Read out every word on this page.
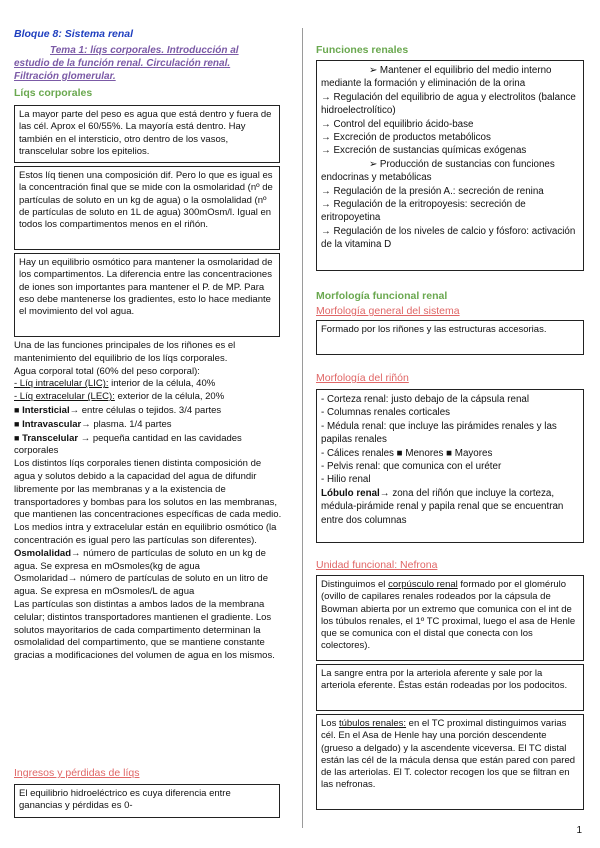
Bloque 8: Sistema renal
Tema 1: líqs corporales. Introducción al estudio de la función renal. Circulación renal. Filtración glomerular.
Líqs corporales
La mayor parte del peso es agua que está dentro y fuera de las cél. Aprox el 60/55%. La mayoría está dentro. Hay también en el intersticio, otro dentro de los vasos, transcelular sobre los epitelios.
Estos líq tienen una composición dif. Pero lo que es igual es la concentración final que se mide con la osmolaridad (nº de partículas de soluto en un kg de agua) o la osmolalidad (nº de partículas de soluto en 1L de agua) 300mOsm/l. Igual en todos los compartimentos menos en el riñón.
Hay un equilibrio osmótico para mantener la osmolaridad de los compartimentos. La diferencia entre las concentraciones de iones son importantes para mantener el P. de MP. Para eso debe mantenerse los gradientes, esto lo hace mediante el movimiento del vol agua.
Una de las funciones principales de los riñones es el mantenimiento del equilibrio de los líqs corporales.
Agua corporal total (60% del peso corporal):
- Líq intracelular (LIC): interior de la célula, 40%
- Líq extracelular (LEC): exterior de la célula, 20%
■ Intersticial→ entre células o tejidos. 3/4 partes
■ Intravascular→ plasma. 1/4 partes
■ Transcelular → pequeña cantidad en las cavidades corporales
Los distintos líqs corporales tienen distinta composición de agua y solutos debido a la capacidad del agua de difundir libremente por las membranas y a la existencia de transportadores y bombas para los solutos en las membranas, que mantienen las concentraciones específicas de cada medio. Los medios intra y extracelular están en equilibrio osmótico (la concentración es igual pero las partículas son diferentes).
Osmolalidad→ número de partículas de soluto en un kg de agua. Se expresa en mOsmoles(kg de agua
Osmolaridad→ número de partículas de soluto en un litro de agua. Se expresa en mOsmoles/L de agua
Las partículas son distintas a ambos lados de la membrana celular; distintos transportadores mantienen el gradiente. Los solutos mayoritarios de cada compartimento determinan la osmolalidad del compartimento, que se mantiene constante gracias a modificaciones del volumen de agua en los mismos.
Ingresos y pérdidas de líqs
El equilibrio hidroeléctrico es cuya diferencia entre ganancias y pérdidas es 0-
Funciones renales
➢ Mantener el equilibrio del medio interno mediante la formación y eliminación de la orina
→ Regulación del equilibrio de agua y electrolitos (balance hidroelectrolítico)
→ Control del equilibrio ácido-base
→ Excreción de productos metabólicos
→ Excreción de sustancias químicas exógenas
➢ Producción de sustancias con funciones endocrinas y metabólicas
→ Regulación de la presión A.: secreción de renina
→ Regulación de la eritropoyesis: secreción de eritropoyetina
→ Regulación de los niveles de calcio y fósforo: activación de la vitamina D
Morfología funcional renal
Morfología general del sistema
Formado por los riñones y las estructuras accesorias.
Morfología del riñón
- Corteza renal: justo debajo de la cápsula renal
- Columnas renales corticales
- Médula renal: que incluye las pirámides renales y las papilas renales
- Cálices renales ■ Menores ■ Mayores
- Pelvis renal: que comunica con el uréter
- Hilio renal
Lóbulo renal→ zona del riñón que incluye la corteza, médula-pirámide renal y papila renal que se encuentran entre dos columnas
Unidad funcional: Nefrona
Distinguimos el corpúsculo renal formado por el glomérulo (ovillo de capilares renales rodeados por la cápsula de Bowman abierta por un extremo que comunica con el int de los túbulos renales, el 1º TC proximal, luego el asa de Henle que se comunica con el distal que conecta con los colectores).
La sangre entra por la arteriola aferente y sale por la arteriola eferente. Éstas están rodeadas por los podocitos.
Los túbulos renales: en el TC proximal distinguimos varias cél. En el Asa de Henle hay una porción descendente (grueso a delgado) y la ascendente viceversa. El TC distal están las cél de la mácula densa que están pared con pared de las arteriolas. El T. colector recogen los que se filtran en las nefronas.
1
